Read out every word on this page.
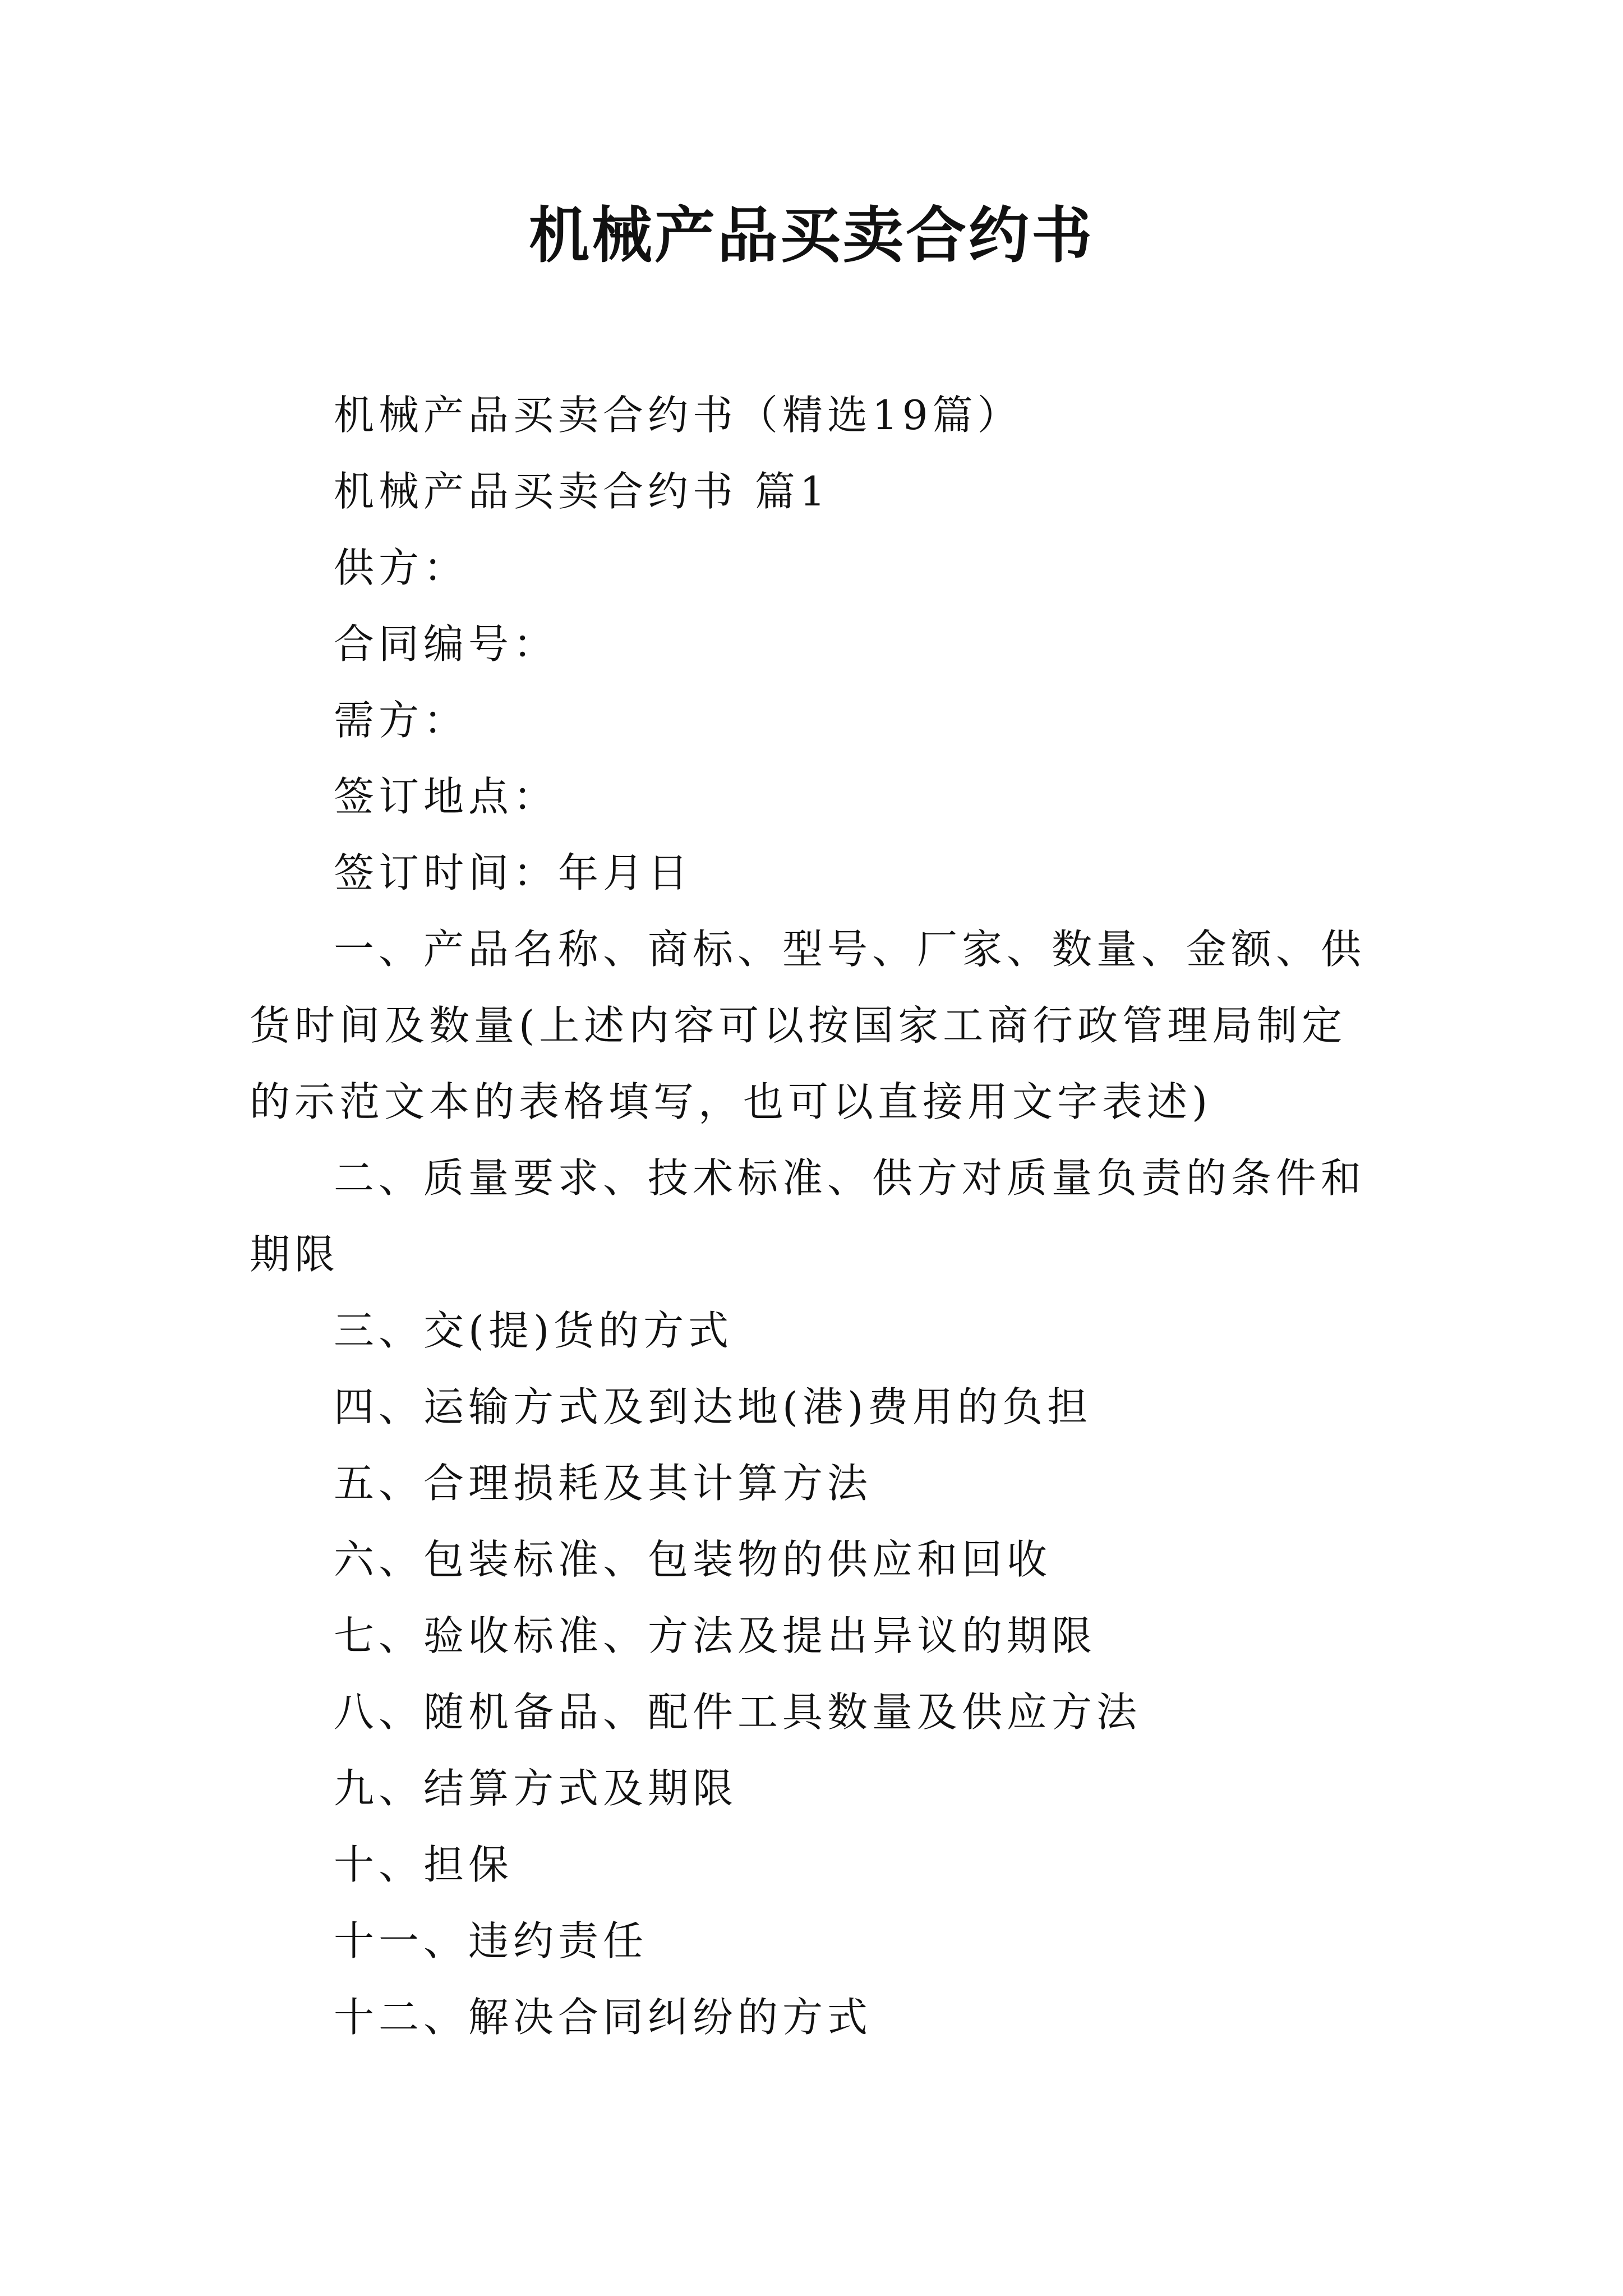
机械产品买卖合约书

机械产品买卖合约书（精选19篇）

机械产品买卖合约书 篇1

供方：

合同编号：

需方：

签订地点：

签订时间：年月日

一、产品名称、商标、型号、厂家、数量、金额、供货时间及数量(上述内容可以按国家工商行政管理局制定的示范文本的表格填写，也可以直接用文字表述)

二、质量要求、技术标准、供方对质量负责的条件和期限

三、交(提)货的方式

四、运输方式及到达地(港)费用的负担

五、合理损耗及其计算方法

六、包装标准、包装物的供应和回收

七、验收标准、方法及提出异议的期限

八、随机备品、配件工具数量及供应方法

九、结算方式及期限

十、担保

十一、违约责任

十二、解决合同纠纷的方式
